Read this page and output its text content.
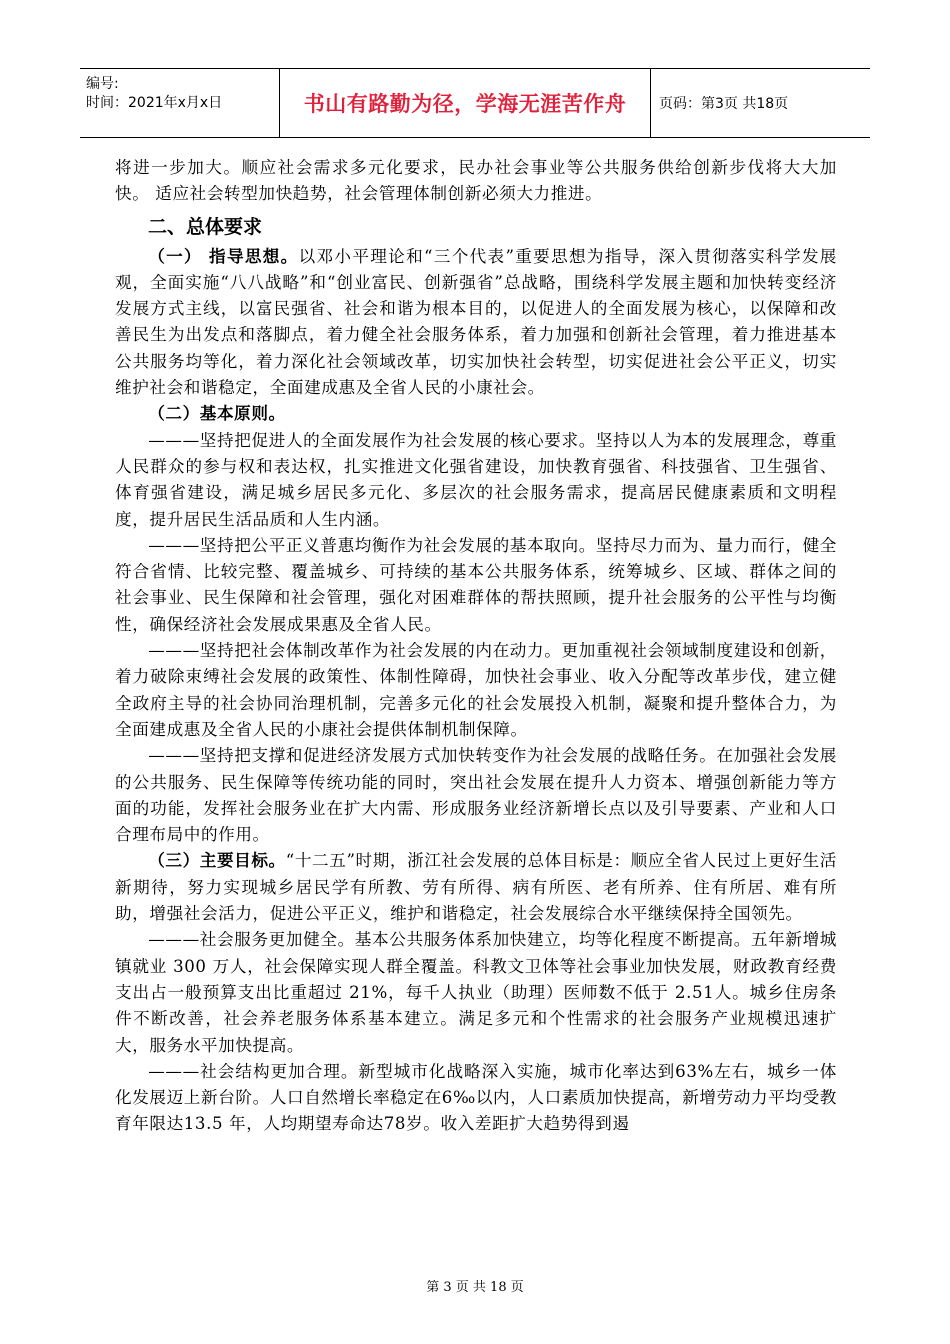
编号:
时间：2021年x月x日	书山有路勤为径，学海无涯苦作舟 页码：第3页 共18页

将进一步加大。顺应社会需求多元化要求，民办社会事业等公共服务供给创新步伐将大大加快。 适应社会转型加快趋势，社会管理体制创新必须大力推进。

二、总体要求

（一） 指导思想。以邓小平理论和“三个代表”重要思想为指导，深入贯彻落实科学发展观，全面实施“八八战略”和“创业富民、创新强省”总战略，围绕科学发展主题和加快转变经济发展方式主线，以富民强省、社会和谐为根本目的，以促进人的全面发展为核心，以保障和改善民生为出发点和落脚点，着力健全社会服务体系，着力加强和创新社会管理，着力推进基本公共服务均等化，着力深化社会领域改革，切实加快社会转型，切实促进社会公平正义，切实维护社会和谐稳定，全面建成惠及全省人民的小康社会。

（二）基本原则。

———坚持把促进人的全面发展作为社会发展的核心要求。坚持以人为本的发展理念，尊重人民群众的参与权和表达权，扎实推进文化强省建设，加快教育强省、科技强省、卫生强省、体育强省建设，满足城乡居民多元化、多层次的社会服务需求，提高居民健康素质和文明程度，提升居民生活品质和人生内涵。

———坚持把公平正义普惠均衡作为社会发展的基本取向。坚持尽力而为、量力而行，健全符合省情、比较完整、覆盖城乡、可持续的基本公共服务体系，统筹城乡、区域、群体之间的社会事业、民生保障和社会管理，强化对困难群体的帮扶照顾，提升社会服务的公平性与均衡性，确保经济社会发展成果惠及全省人民。

———坚持把社会体制改革作为社会发展的内在动力。更加重视社会领域制度建设和创新，着力破除束缚社会发展的政策性、体制性障碍，加快社会事业、收入分配等改革步伐，建立健全政府主导的社会协同治理机制，完善多元化的社会发展投入机制，凝聚和提升整体合力，为全面建成惠及全省人民的小康社会提供体制机制保障。

———坚持把支撑和促进经济发展方式加快转变作为社会发展的战略任务。在加强社会发展的公共服务、民生保障等传统功能的同时，突出社会发展在提升人力资本、增强创新能力等方面的功能，发挥社会服务业在扩大内需、形成服务业经济新增长点以及引导要素、产业和人口合理布局中的作用。

（三）主要目标。“十二五”时期，浙江社会发展的总体目标是：顺应全省人民过上更好生活新期待，努力实现城乡居民学有所教、劳有所得、病有所医、老有所养、住有所居、难有所助，增强社会活力，促进公平正义，维护和谐稳定，社会发展综合水平继续保持全国领先。

———社会服务更加健全。基本公共服务体系加快建立，均等化程度不断提高。五年新增城镇就业 300 万人，社会保障实现人群全覆盖。科教文卫体等社会事业加快发展，财政教育经费支出占一般预算支出比重超过 21%，每千人执业（助理）医师数不低于 2.51人。城乡住房条件不断改善，社会养老服务体系基本建立。满足多元和个性需求的社会服务产业规模迅速扩大，服务水平加快提高。

———社会结构更加合理。新型城市化战略深入实施，城市化率达到63%左右，城乡一体化发展迈上新台阶。人口自然增长率稳定在6‰以内，人口素质加快提高，新增劳动力平均受教育年限达13.5 年，人均期望寿命达78岁。收入差距扩大趋势得到遏

第 3 页 共 18 页
